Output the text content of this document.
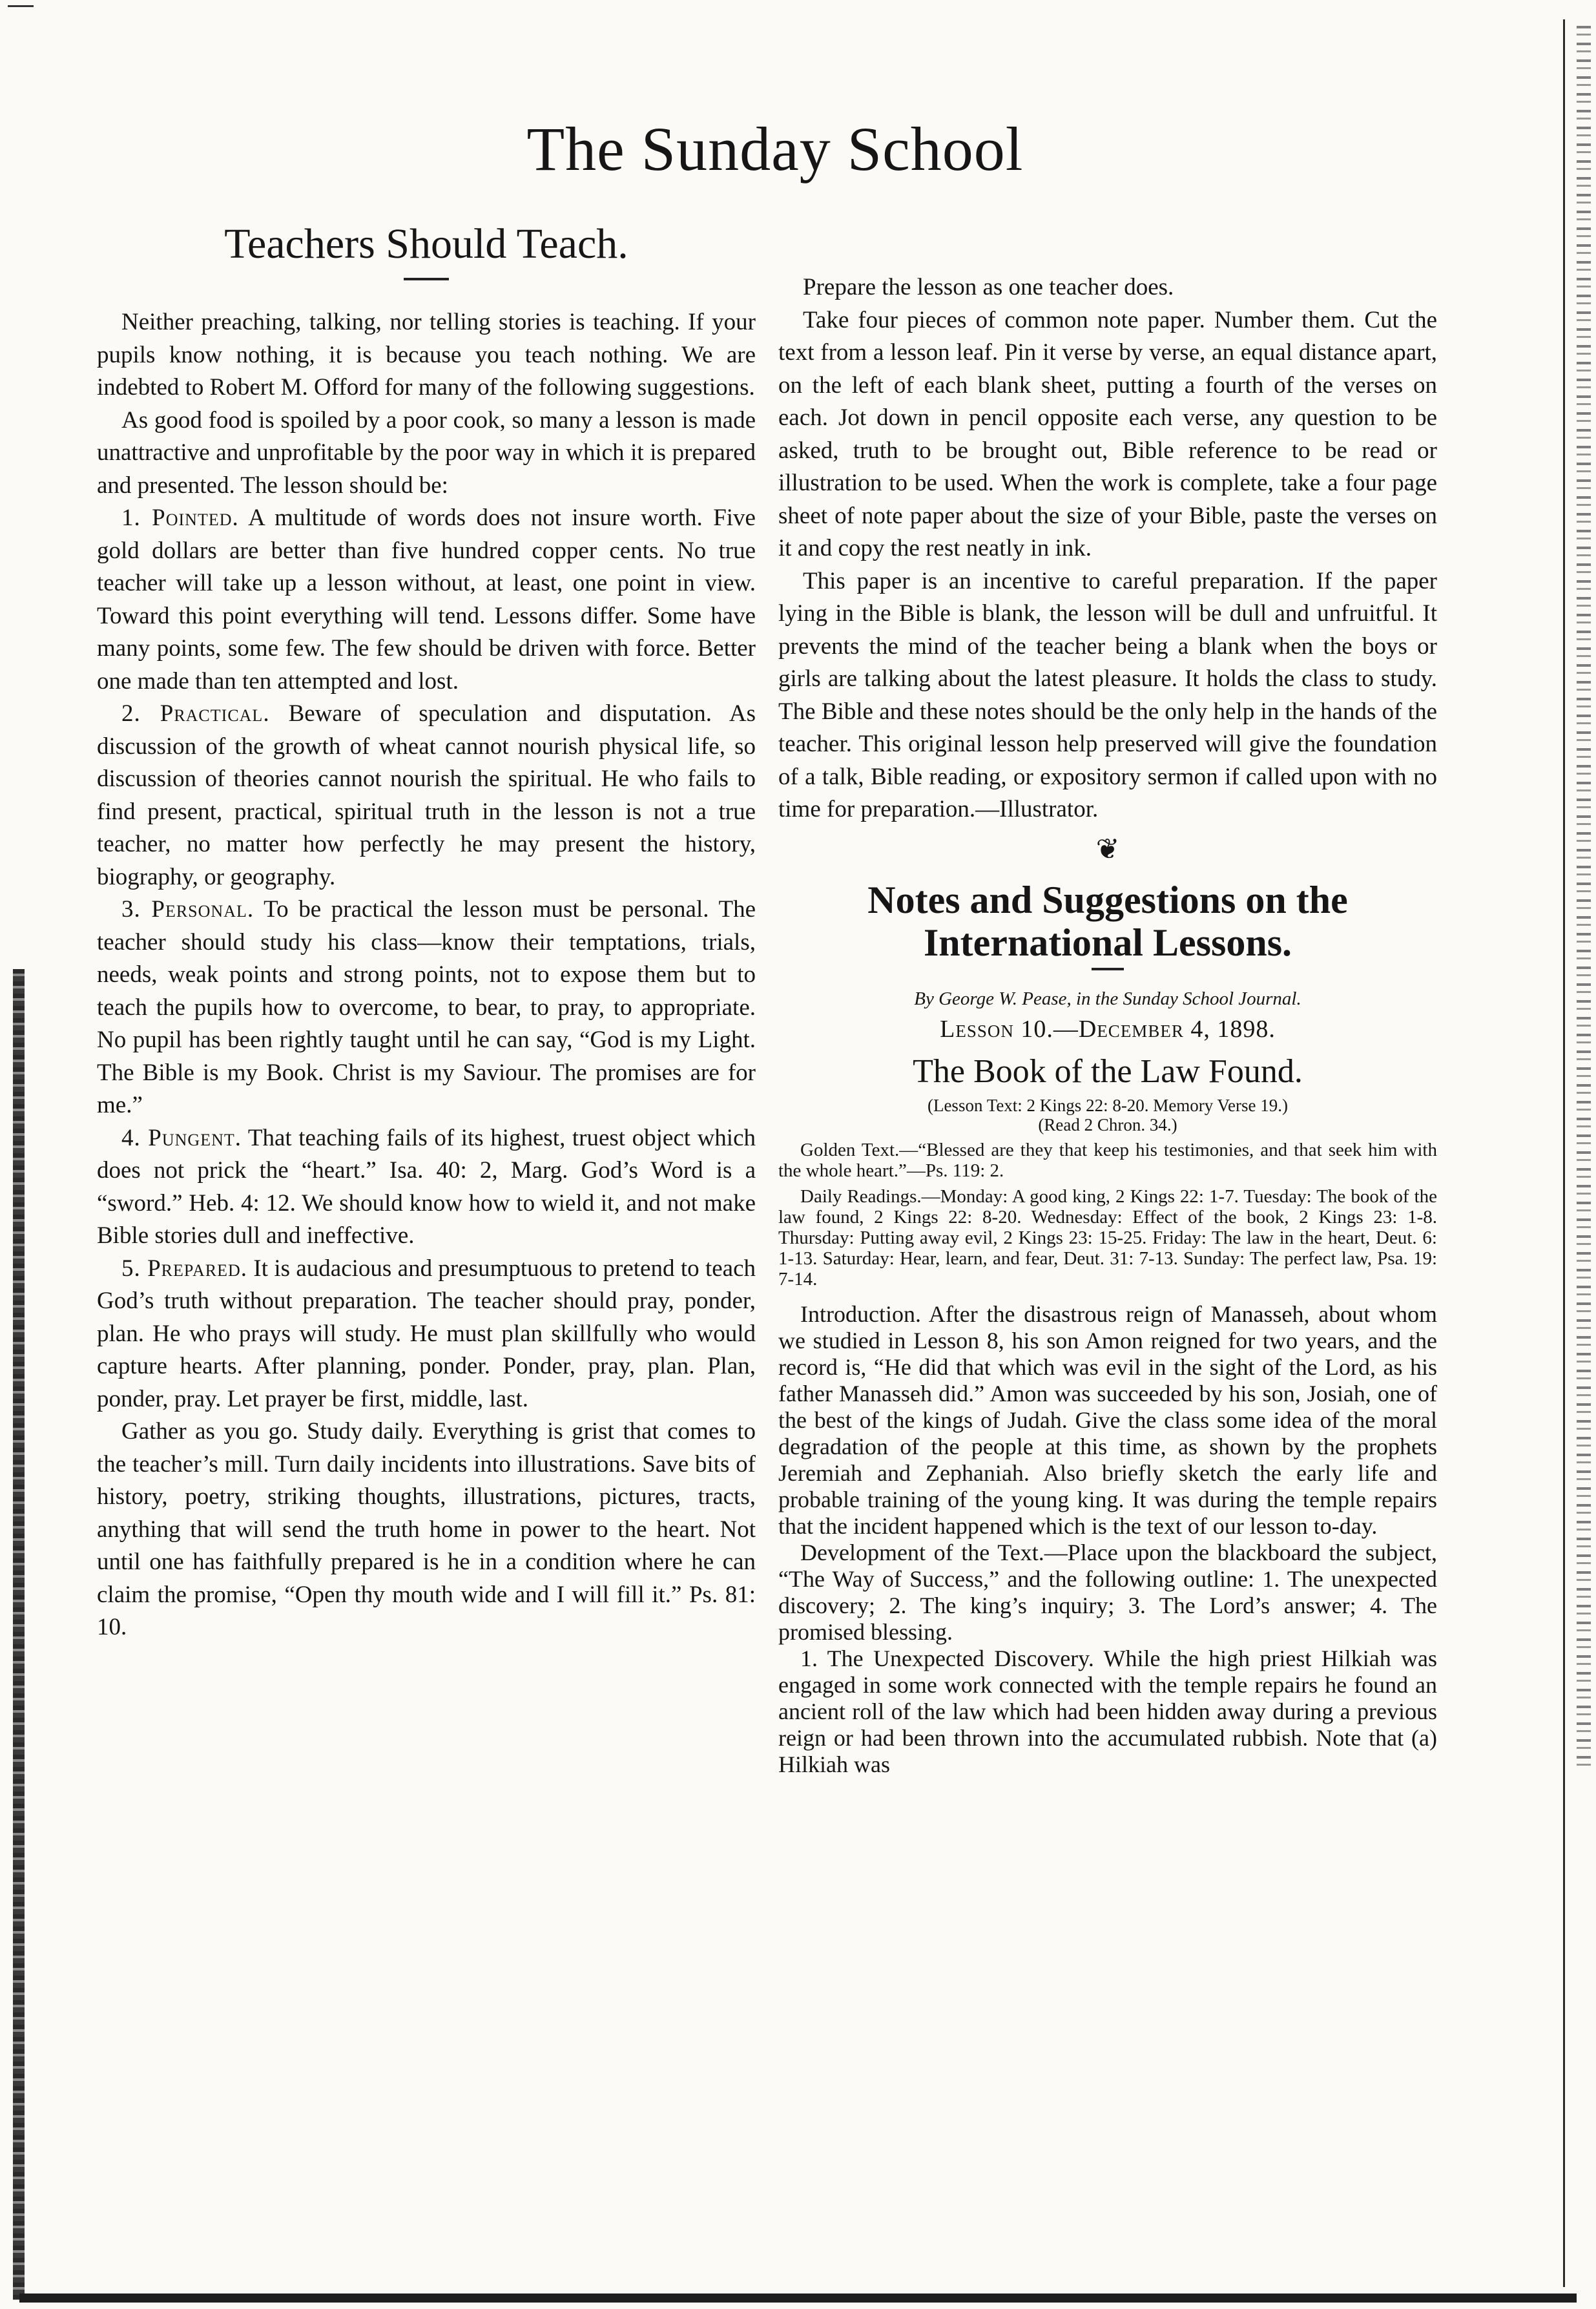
The Sunday School
Teachers Should Teach.

Neither preaching, talking, nor telling stories is teaching. If your pupils know nothing, it is because you teach nothing. We are indebted to Robert M. Offord for many of the following suggestions.

As good food is spoiled by a poor cook, so many a lesson is made unattractive and unprofitable by the poor way in which it is prepared and presented. The lesson should be:

1. Pointed. A multitude of words does not insure worth. Five gold dollars are better than five hundred copper cents. No true teacher will take up a lesson without, at least, one point in view. Toward this point everything will tend. Lessons differ. Some have many points, some few. The few should be driven with force. Better one made than ten attempted and lost.

2. Practical. Beware of speculation and disputation. As discussion of the growth of wheat cannot nourish physical life, so discussion of theories cannot nourish the spiritual. He who fails to find present, practical, spiritual truth in the lesson is not a true teacher, no matter how perfectly he may present the history, biography, or geography.

3. Personal. To be practical the lesson must be personal. The teacher should study his class—know their temptations, trials, needs, weak points and strong points, not to expose them but to teach the pupils how to overcome, to bear, to pray, to appropriate. No pupil has been rightly taught until he can say, “God is my Light. The Bible is my Book. Christ is my Saviour. The promises are for me.”

4. Pungent. That teaching fails of its highest, truest object which does not prick the “heart.” Isa. 40: 2, Marg. God’s Word is a “sword.” Heb. 4: 12. We should know how to wield it, and not make Bible stories dull and ineffective.

5. Prepared. It is audacious and presumptuous to pretend to teach God’s truth without preparation. The teacher should pray, ponder, plan. He who prays will study. He must plan skillfully who would capture hearts. After planning, ponder. Ponder, pray, plan. Plan, ponder, pray. Let prayer be first, middle, last.

Gather as you go. Study daily. Everything is grist that comes to the teacher’s mill. Turn daily incidents into illustrations. Save bits of history, poetry, striking thoughts, illustrations, pictures, tracts, anything that will send the truth home in power to the heart. Not until one has faithfully prepared is he in a condition where he can claim the promise, “Open thy mouth wide and I will fill it.” Ps. 81: 10.

Prepare the lesson as one teacher does.

Take four pieces of common note paper. Number them. Cut the text from a lesson leaf. Pin it verse by verse, an equal distance apart, on the left of each blank sheet, putting a fourth of the verses on each. Jot down in pencil opposite each verse, any question to be asked, truth to be brought out, Bible reference to be read or illustration to be used. When the work is complete, take a four page sheet of note paper about the size of your Bible, paste the verses on it and copy the rest neatly in ink.

This paper is an incentive to careful preparation. If the paper lying in the Bible is blank, the lesson will be dull and unfruitful. It prevents the mind of the teacher being a blank when the boys or girls are talking about the latest pleasure. It holds the class to study. The Bible and these notes should be the only help in the hands of the teacher. This original lesson help preserved will give the foundation of a talk, Bible reading, or expository sermon if called upon with no time for preparation.—Illustrator.

❦
Notes and Suggestions on the International Lessons.
By George W. Pease, in the Sunday School Journal.
Lesson 10.—December 4, 1898.
The Book of the Law Found.
(Lesson Text: 2 Kings 22: 8-20. Memory Verse 19.)
(Read 2 Chron. 34.)

Golden Text.—“Blessed are they that keep his testimonies, and that seek him with the whole heart.”—Ps. 119: 2.

Daily Readings.—Monday: A good king, 2 Kings 22: 1-7. Tuesday: The book of the law found, 2 Kings 22: 8-20. Wednesday: Effect of the book, 2 Kings 23: 1-8. Thursday: Putting away evil, 2 Kings 23: 15-25. Friday: The law in the heart, Deut. 6: 1-13. Saturday: Hear, learn, and fear, Deut. 31: 7-13. Sunday: The perfect law, Psa. 19: 7-14.

Introduction. After the disastrous reign of Manasseh, about whom we studied in Lesson 8, his son Amon reigned for two years, and the record is, “He did that which was evil in the sight of the Lord, as his father Manasseh did.” Amon was succeeded by his son, Josiah, one of the best of the kings of Judah. Give the class some idea of the moral degradation of the people at this time, as shown by the prophets Jeremiah and Zephaniah. Also briefly sketch the early life and probable training of the young king. It was during the temple repairs that the incident happened which is the text of our lesson to-day.

Development of the Text.—Place upon the blackboard the subject, “The Way of Success,” and the following outline: 1. The unexpected discovery; 2. The king’s inquiry; 3. The Lord’s answer; 4. The promised blessing.

1. The Unexpected Discovery. While the high priest Hilkiah was engaged in some work connected with the temple repairs he found an ancient roll of the law which had been hidden away during a previous reign or had been thrown into the accumulated rubbish. Note that (a) Hilkiah was
